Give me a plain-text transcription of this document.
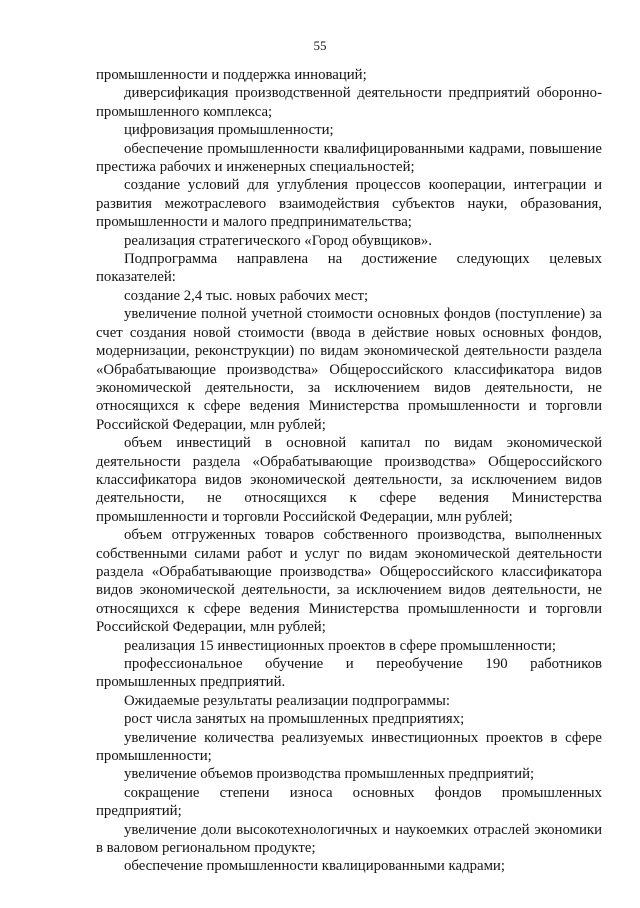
55

промышленности и поддержка инноваций;

диверсификация производственной деятельности предприятий оборонно-промышленного комплекса;

цифровизация промышленности;

обеспечение промышленности квалифицированными кадрами, повышение престижа рабочих и инженерных специальностей;

создание условий для углубления процессов кооперации, интеграции и развития межотраслевого взаимодействия субъектов науки, образования, промышленности и малого предпринимательства;

реализация стратегического «Город обувщиков».

Подпрограмма направлена на достижение следующих целевых показателей:

создание 2,4 тыс. новых рабочих мест;

увеличение полной учетной стоимости основных фондов (поступление) за счет создания новой стоимости (ввода в действие новых основных фондов, модернизации, реконструкции) по видам экономической деятельности раздела «Обрабатывающие производства» Общероссийского классификатора видов экономической деятельности, за исключением видов деятельности, не относящихся к сфере ведения Министерства промышленности и торговли Российской Федерации, млн рублей;

объем инвестиций в основной капитал по видам экономической деятельности раздела «Обрабатывающие производства» Общероссийского классификатора видов экономической деятельности, за исключением видов деятельности, не относящихся к сфере ведения Министерства промышленности и торговли Российской Федерации, млн рублей;

объем отгруженных товаров собственного производства, выполненных собственными силами работ и услуг по видам экономической деятельности раздела «Обрабатывающие производства» Общероссийского классификатора видов экономической деятельности, за исключением видов деятельности, не относящихся к сфере ведения Министерства промышленности и торговли Российской Федерации, млн рублей;

реализация 15 инвестиционных проектов в сфере промышленности;

профессиональное обучение и переобучение 190 работников промышленных предприятий.

Ожидаемые результаты реализации подпрограммы:

рост числа занятых на промышленных предприятиях;

увеличение количества реализуемых инвестиционных проектов в сфере промышленности;

увеличение объемов производства промышленных предприятий;

сокращение степени износа основных фондов промышленных предприятий;

увеличение доли высокотехнологичных и наукоемких отраслей экономики в валовом региональном продукте;

обеспечение промышленности квалицированными кадрами;
